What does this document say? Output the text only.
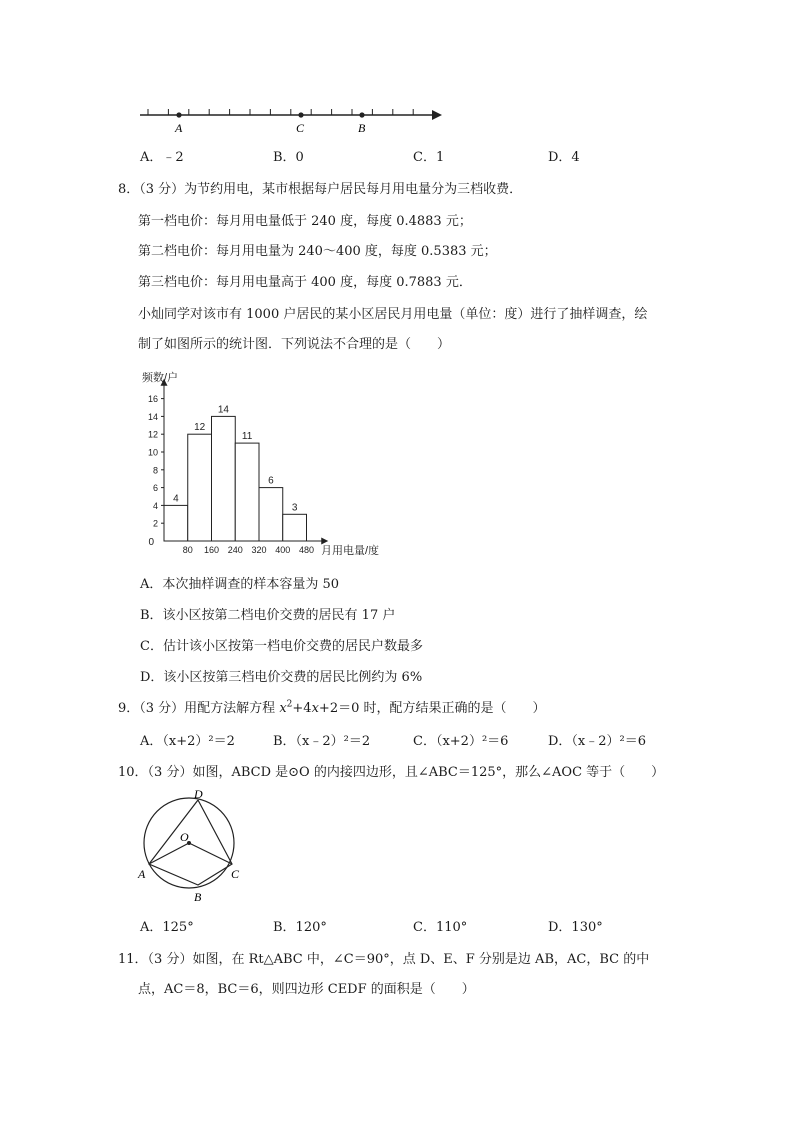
A	C	B
A．﹣2	B．0	C．1	D．4
8．（3 分）为节约用电，某市根据每户居民每月用电量分为三档收费．
第一档电价：每月用电量低于 240 度，每度 0.4883 元；
第二档电价：每月用电量为 240～400 度，每度 0.5383 元；
第三档电价：每月用电量高于 400 度，每度 0.7883 元．
小灿同学对该市有 1000 户居民的某小区居民月用电量（单位：度）进行了抽样调查，绘
制了如图所示的统计图．下列说法不合理的是（　　）
2
4
6
8
10
12
14
16
0
80 160 240 320 400 480
4
12
14
11
6
3
频数/户
月用电量/度
A．本次抽样调查的样本容量为 50
B．该小区按第二档电价交费的居民有 17 户
C．估计该小区按第一档电价交费的居民户数最多
D．该小区按第三档电价交费的居民比例约为 6%
9．（3 分）用配方法解方程 $x^2+4x+2=0$ 时，配方结果正确的是（　　）
A．（x+2）²＝2	B．（x﹣2）²＝2	C．（x+2）²＝6	D．（x﹣2）²＝6
10．（3 分）如图，ABCD 是⊙O 的内接四边形，且∠ABC＝125°，那么∠AOC 等于（　　）
D
O
A	C
B
A．125°	B．120°	C．110°	D．130°
11．（3 分）如图，在 Rt△ABC 中，∠C＝90°，点 D、E、F 分别是边 AB，AC，BC 的中
点，AC＝8，BC＝6，则四边形 CEDF 的面积是（　　）
